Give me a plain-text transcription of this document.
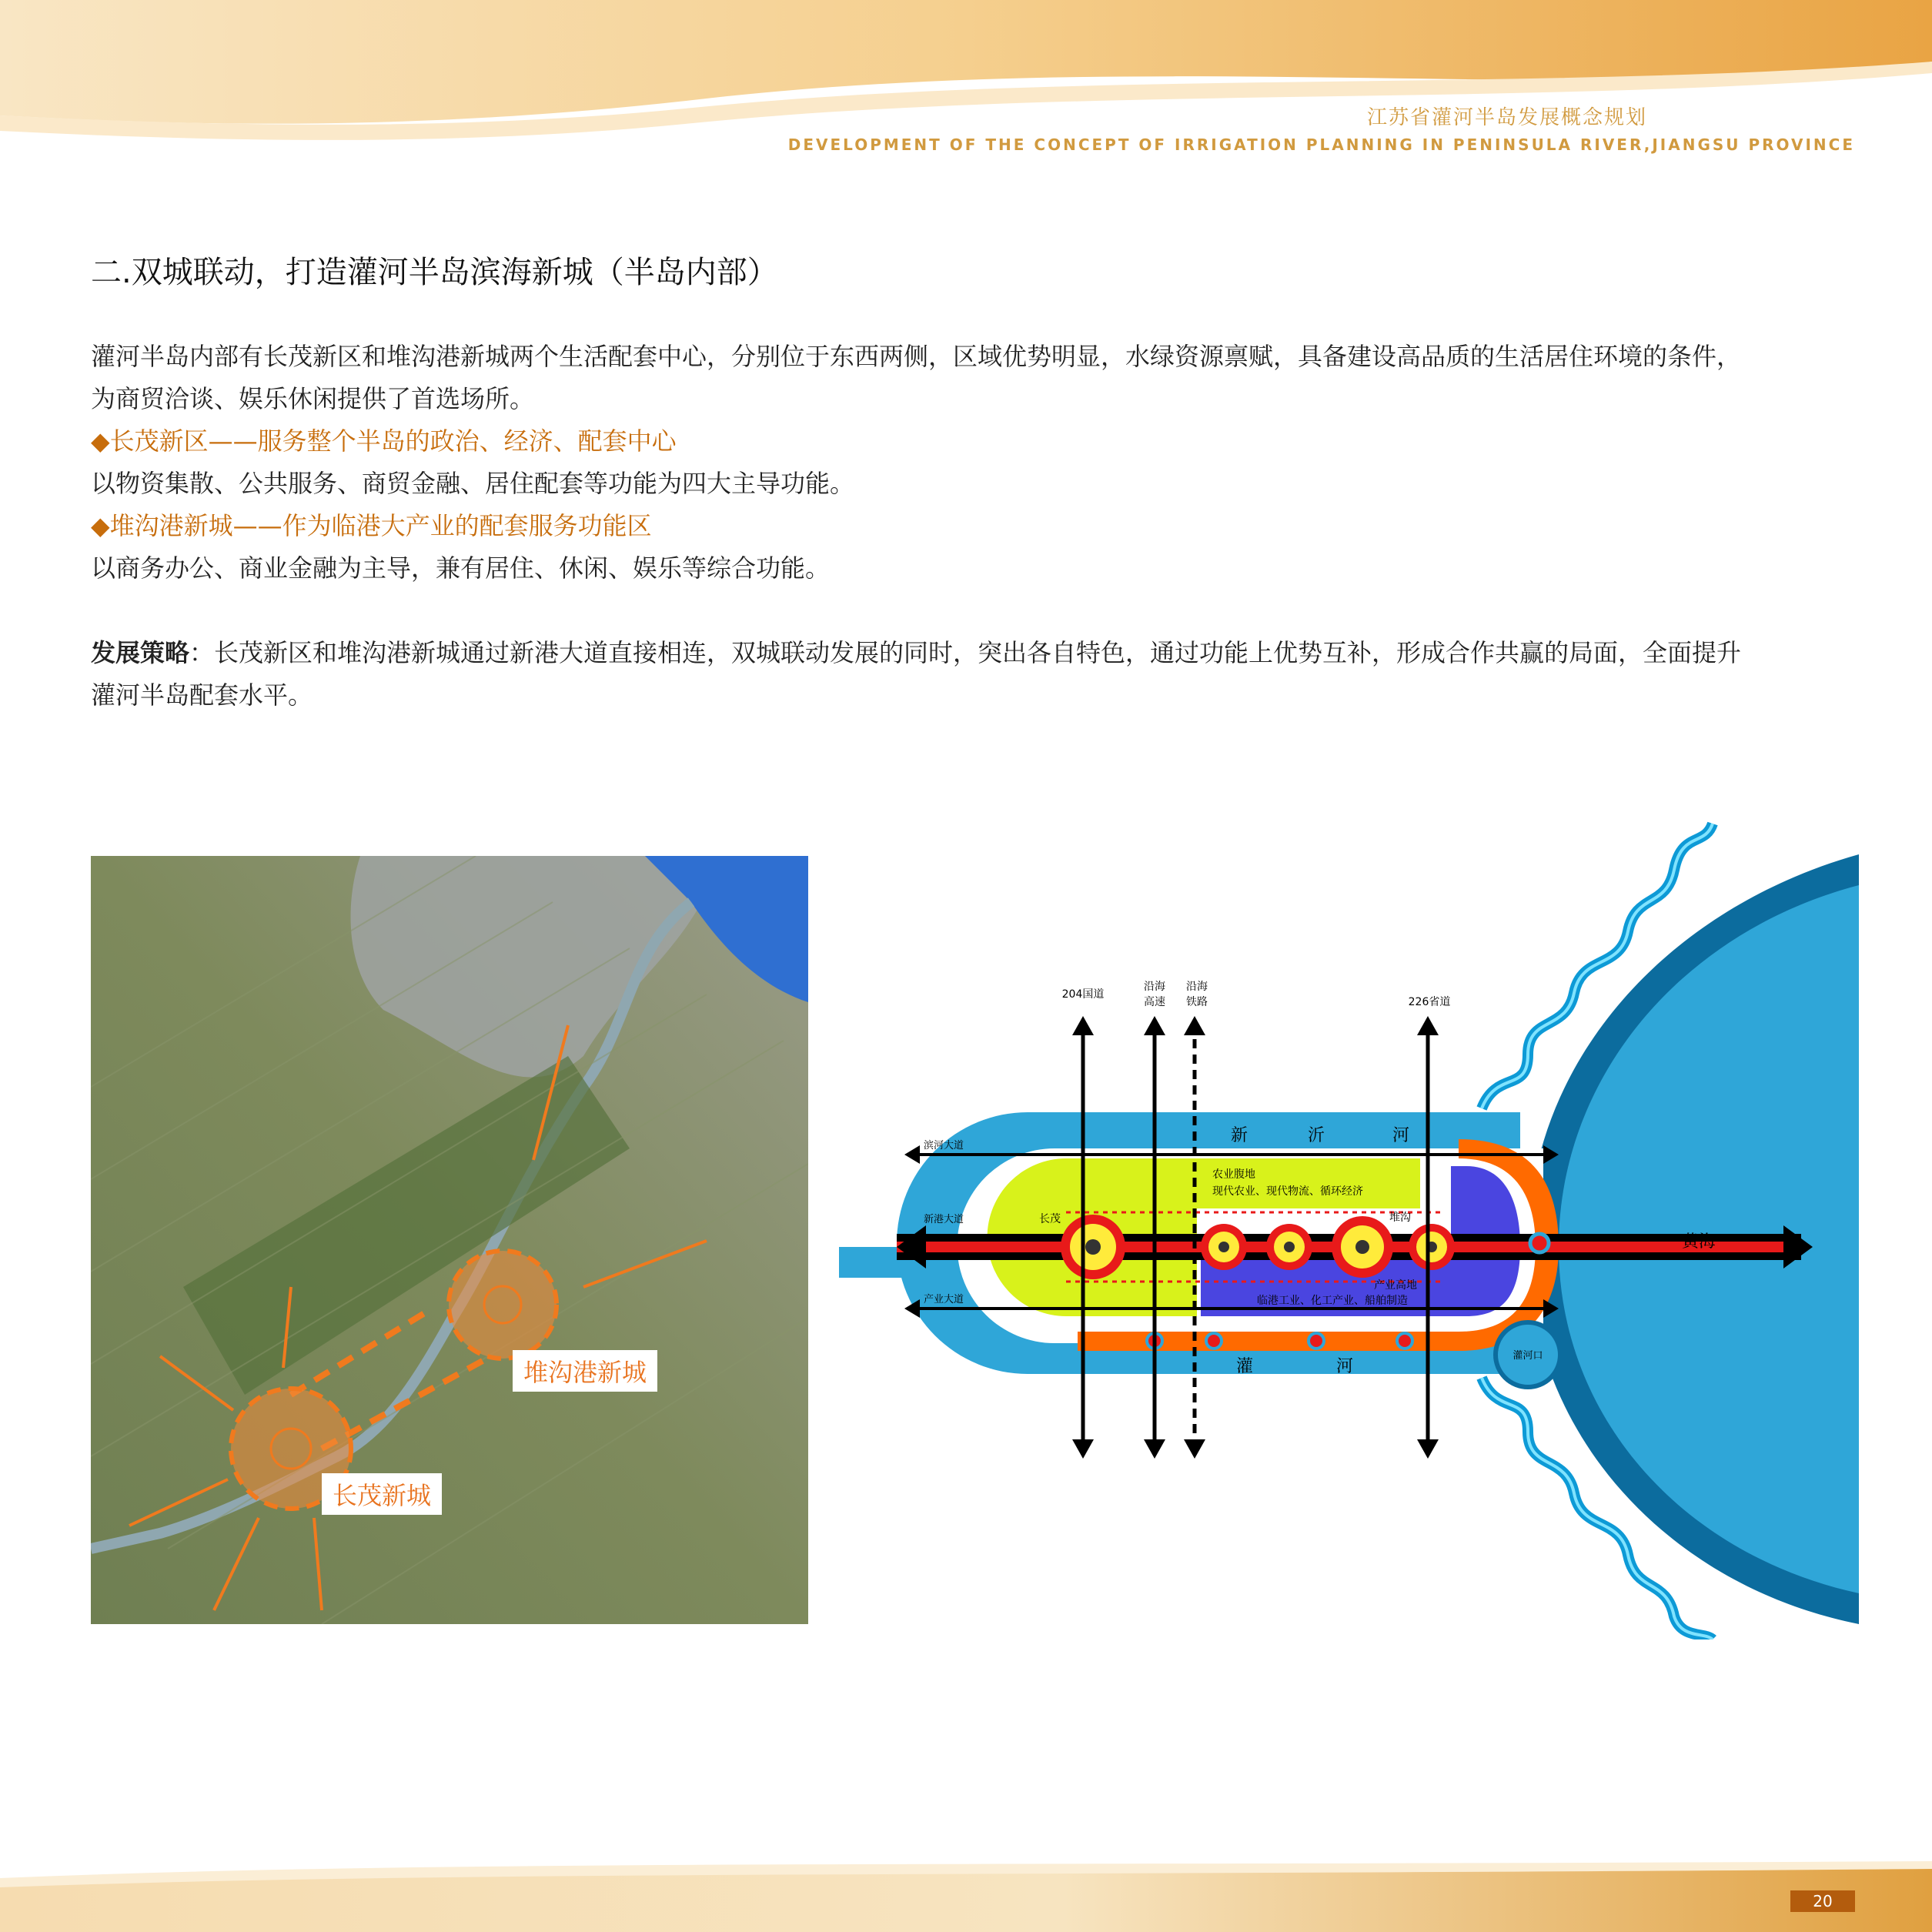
江苏省灌河半岛发展概念规划
DEVELOPMENT OF THE CONCEPT OF IRRIGATION PLANNING IN PENINSULA RIVER,JIANGSU PROVINCE
二.双城联动，打造灌河半岛滨海新城（半岛内部）

灌河半岛内部有长茂新区和堆沟港新城两个生活配套中心，分别位于东西两侧，区域优势明显，水绿资源禀赋，具备建设高品质的生活居住环境的条件，

为商贸洽谈、娱乐休闲提供了首选场所。

◆长茂新区——服务整个半岛的政治、经济、配套中心

以物资集散、公共服务、商贸金融、居住配套等功能为四大主导功能。

◆堆沟港新城——作为临港大产业的配套服务功能区

以商务办公、商业金融为主导，兼有居住、休闲、娱乐等综合功能。

发展策略：长茂新区和堆沟港新城通过新港大道直接相连，双城联动发展的同时，突出各自特色，通过功能上优势互补，形成合作共赢的局面，全面提升

灌河半岛配套水平。

堆沟港新城
长茂新城
204国道
沿海
高速
沿海
铁路	226省道
滨河大道
新港大道
产业大道
新	沂	河
灌	河
农业腹地
现代农业、现代物流、循环经济
长茂	堆沟
产业高地
临港工业、化工产业、船舶制造
黄海
灌河口
20
